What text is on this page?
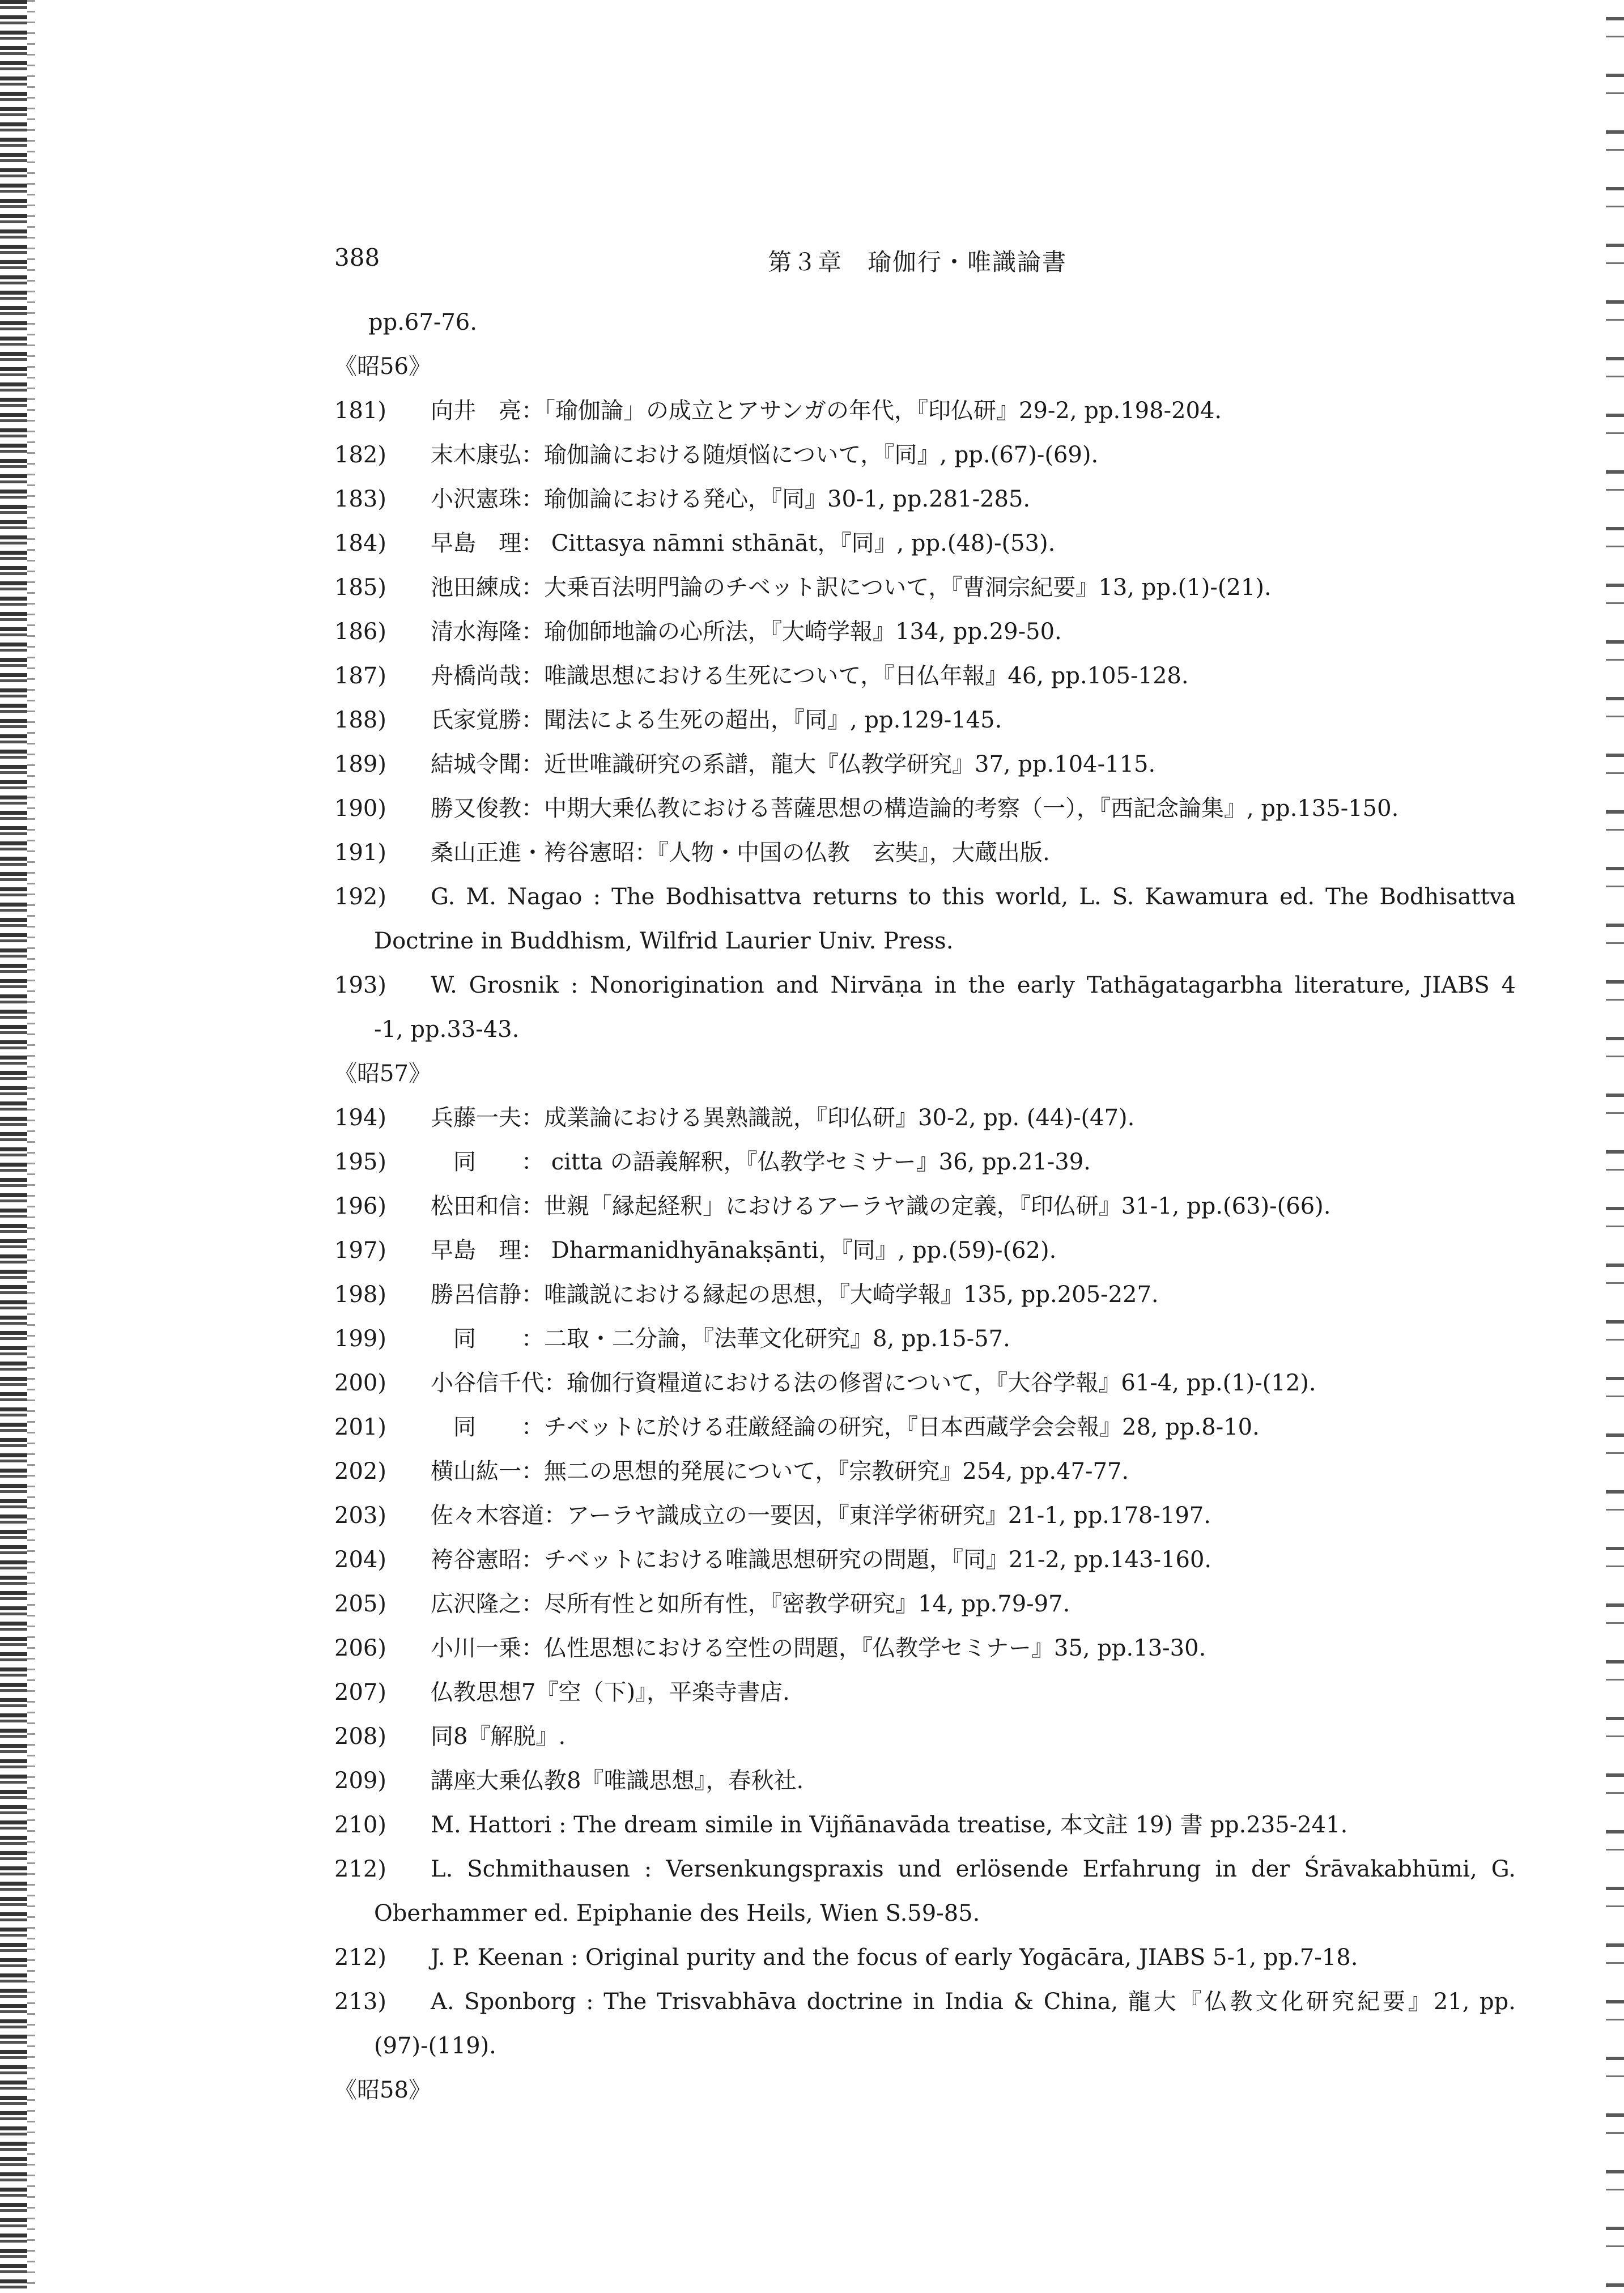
388	第３章　瑜伽行・唯識論書
pp.67-76.
《昭56》
181)	向井　亮：「瑜伽論」の成立とアサンガの年代，『印仏研』29-2, pp.198-204.
182)	末木康弘：瑜伽論における随煩悩について，『同』, pp.(67)-(69).
183)	小沢憲珠：瑜伽論における発心，『同』30-1, pp.281-285.
184)	早島　理： Cittasya nāmni sthānāt，『同』, pp.(48)-(53).
185)	池田練成：大乗百法明門論のチベット訳について，『曹洞宗紀要』13, pp.(1)-(21).
186)	清水海隆：瑜伽師地論の心所法，『大崎学報』134, pp.29-50.
187)	舟橋尚哉：唯識思想における生死について，『日仏年報』46, pp.105-128.
188)	氏家覚勝：聞法による生死の超出，『同』, pp.129-145.
189)	結城令聞：近世唯識研究の系譜，龍大『仏教学研究』37, pp.104-115.
190)	勝又俊教：中期大乗仏教における菩薩思想の構造論的考察（一），『西記念論集』, pp.135-150.
191)	桑山正進・袴谷憲昭：『人物・中国の仏教　玄奘』，大蔵出版.
192)	G. M. Nagao : The Bodhisattva returns to this world, L. S. Kawamura ed. The Bodhisattva
Doctrine in Buddhism, Wilfrid Laurier Univ. Press.
193)	W. Grosnik : Nonorigination and Nirvāṇa in the early Tathāgatagarbha literature, JIABS 4
-1, pp.33-43.
《昭57》
194)	兵藤一夫：成業論における異熟識説，『印仏研』30-2, pp. (44)-(47).
195)	　同　　： citta の語義解釈，『仏教学セミナー』36, pp.21-39.
196)	松田和信：世親「縁起経釈」におけるアーラヤ識の定義，『印仏研』31-1, pp.(63)-(66).
197)	早島　理： Dharmanidhyānakṣānti，『同』, pp.(59)-(62).
198)	勝呂信静：唯識説における縁起の思想，『大崎学報』135, pp.205-227.
199)	　同　　：二取・二分論，『法華文化研究』8, pp.15-57.
200)	小谷信千代：瑜伽行資糧道における法の修習について，『大谷学報』61-4, pp.(1)-(12).
201)	　同　　：チベットに於ける荘厳経論の研究，『日本西蔵学会会報』28, pp.8-10.
202)	横山紘一：無二の思想的発展について，『宗教研究』254, pp.47-77.
203)	佐々木容道：アーラヤ識成立の一要因，『東洋学術研究』21-1, pp.178-197.
204)	袴谷憲昭：チベットにおける唯識思想研究の問題，『同』21-2, pp.143-160.
205)	広沢隆之：尽所有性と如所有性，『密教学研究』14, pp.79-97.
206)	小川一乗：仏性思想における空性の問題，『仏教学セミナー』35, pp.13-30.
207)	仏教思想7『空（下)』，平楽寺書店.
208)	同8『解脱』.
209)	講座大乗仏教8『唯識思想』，春秋社.
210)	M. Hattori : The dream simile in Vijñānavāda treatise, 本文註 19) 書 pp.235-241.
212)	L. Schmithausen : Versenkungspraxis und erlösende Erfahrung in der Śrāvakabhūmi, G.
Oberhammer ed. Epiphanie des Heils, Wien S.59-85.
212)	J. P. Keenan : Original purity and the focus of early Yogācāra, JIABS 5-1, pp.7-18.
213)	A. Sponborg : The Trisvabhāva doctrine in India & China, 龍大『仏教文化研究紀要』21, pp.
(97)-(119).
《昭58》
